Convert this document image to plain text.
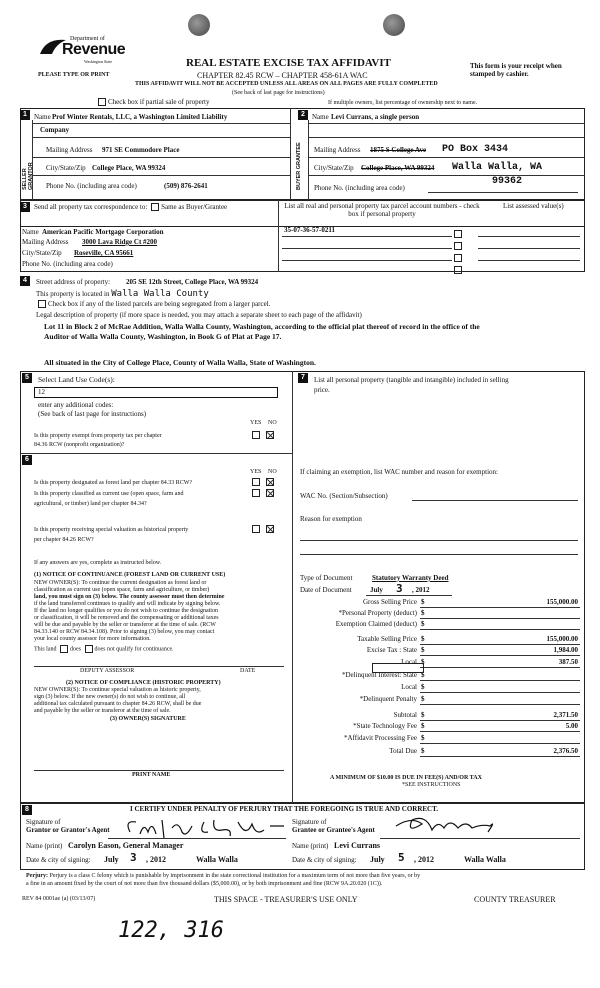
Department of
Revenue
Washington State
PLEASE TYPE OR PRINT
REAL ESTATE EXCISE TAX AFFIDAVIT
CHAPTER 82.45 RCW – CHAPTER 458-61A WAC
THIS AFFIDAVIT WILL NOT BE ACCEPTED UNLESS ALL AREAS ON ALL PAGES ARE FULLY COMPLETED
(See back of last page for instructions)
This form is your receipt when stamped by cashier.
Check box if partial sale of property	If multiple owners, list percentage of ownership next to name.
1
SELLER GRANTOR
Name Prof Winter Rentals, LLC, a Washington Limited Liability
Company
Mailing Address 971 SE Commodore Place
City/State/Zip College Place, WA 99324
Phone No. (including area code)	(509) 876-2641
2
BUYER GRANTEE
Name Levi Currans, a single person
Mailing Address 1875 S College Ave PO Box 3434
City/State/Zip College Place, WA 99324 Walla Walla, WA
99362
Phone No. (including area code)
3	Send all property tax correspondence to: Same as Buyer/Grantee	List all real and personal property tax parcel account numbers - check box if personal property
List assessed value(s)
Name American Pacific Mortgage Corporation
Mailing Address 3000 Lava Ridge Ct #200
City/State/Zip Roseville, CA 95661
Phone No. (including area code)
35-07-36-57-0211

4	Street address of property: 205 SE 12th Street, College Place, WA 99324
This property is located in Walla Walla County
Check box if any of the listed parcels are being segregated from a larger parcel.
Legal description of property (if more space is needed, you may attach a separate sheet to each page of the affidavit)
Lot 11 in Block 2 of McRae Addition, Walla Walla County, Washington, according to the official plat thereof of record in the office of the
Auditor of Walla Walla County, Washington, in Book G of Plat at Page 17.
All situated in the City of College Place, County of Walla Walla, State of Washington.
5	Select Land Use Code(s):
12
enter any additional codes:
(See back of last page for instructions)
YES NO
Is this property exempt from property tax per chapter
84.36 RCW (nonprofit organization)?

6
YES NO
Is this property designated as forest land per chapter 84.33 RCW?

Is this property classified as current use (open space, farm and

agricultural, or timber) land per chapter 84.34?
Is this property receiving special valuation as historical property

per chapter 84.26 RCW?
If any answers are yes, complete as instructed below.
(1) NOTICE OF CONTINUANCE (FOREST LAND OR CURRENT USE)
NEW OWNER(S): To continue the current designation as forest land or
classification as current use (open space, farm and agriculture, or timber)
land, you must sign on (3) below. The county assessor must then determine
if the land transferred continues to qualify and will indicate by signing below.
If the land no longer qualifies or you do not wish to continue the designation
or classification, it will be removed and the compensating or additional taxes
will be due and payable by the seller or transferor at the time of sale. (RCW
84.33.140 or RCW 84.34.108). Prior to signing (3) below, you may contact
your local county assessor for more information.
This land does does not qualify for continuance.
DEPUTY ASSESSOR	DATE
(2) NOTICE OF COMPLIANCE (HISTORIC PROPERTY)
NEW OWNER(S): To continue special valuation as historic property,
sign (3) below. If the new owner(s) do not wish to continue, all
additional tax calculated pursuant to chapter 84.26 RCW, shall be due
and payable by the seller or transferor at the time of sale.
(3) OWNER(S) SIGNATURE
PRINT NAME
7	List all personal property (tangible and intangible) included in selling
price.
If claiming an exemption, list WAC number and reason for exemption:
WAC No. (Section/Subsection)
Reason for exemption
Type of Document	Statutory Warranty Deed
Date of Document	July 3 , 2012
Gross Selling Price $	155,000.00
*Personal Property (deduct) $
Exemption Claimed (deduct) $
Taxable Selling Price $	155,000.00
Excise Tax : State $	1,984.00
Local $	387.50
*Delinquent Interest: State $
Local $
*Delinquent Penalty $
Subtotal $	2,371.50
*State Technology Fee $	5.00
*Affidavit Processing Fee $
Total Due $	2,376.50
A MINIMUM OF $10.00 IS DUE IN FEE(S) AND/OR TAX
*SEE INSTRUCTIONS
8	I CERTIFY UNDER PENALTY OF PERJURY THAT THE FOREGOING IS TRUE AND CORRECT.
Signature of
Grantor or Grantor's Agent
Signature of
Grantee or Grantee's Agent
Name (print) Carolyn Eason, General Manager	Name (print) Levi Currans
Date & city of signing: July 3 , 2012	Walla Walla	Date & city of signing: July 5 , 2012	Walla Walla
Perjury: Perjury is a class C felony which is punishable by imprisonment in the state correctional institution for a maximum term of not more than five years, or by
a fine in an amount fixed by the court of not more than five thousand dollars ($5,000.00), or by both imprisonment and fine (RCW 9A.20.020 (1C)).
REV 84 0001ae (a) (03/13/07)	THIS SPACE - TREASURER'S USE ONLY	COUNTY TREASURER
122, 316
